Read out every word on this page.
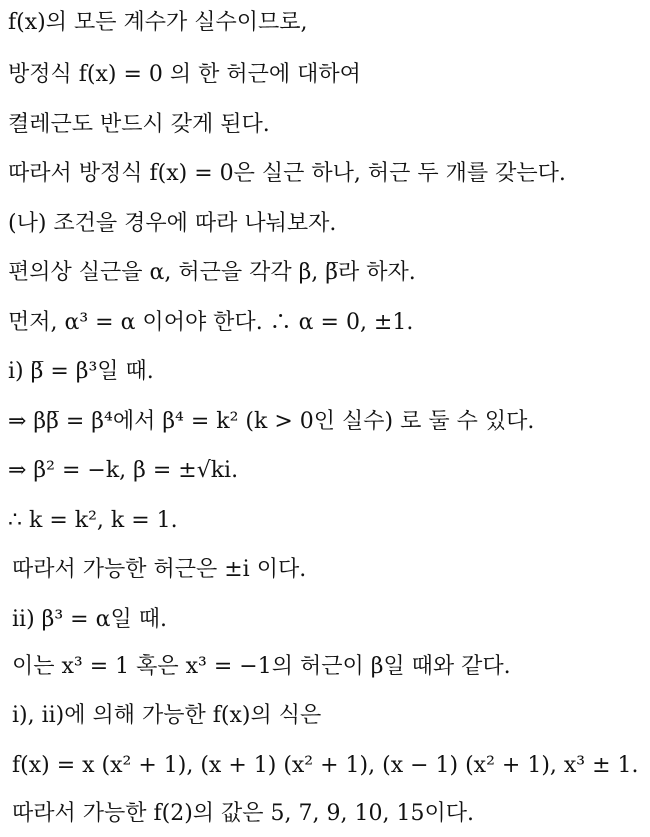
f(x)의 모든 계수가 실수이므로,
방정식 f(x) = 0 의 한 허근에 대하여
켤레근도 반드시 갖게 된다.
따라서 방정식 f(x) = 0은 실근 하나, 허근 두 개를 갖는다.
(나) 조건을 경우에 따라 나눠보자.
편의상 실근을 α, 허근을 각각 β, β̅라 하자.
먼저, α³ = α 이어야 한다. ∴ α = 0, ±1.
i) β̅ = β³일 때.
⇒ ββ̅ = β⁴에서 β⁴ = k² (k > 0인 실수) 로 둘 수 있다.
⇒ β² = −k, β = ±√ki.
∴ k = k², k = 1.
따라서 가능한 허근은 ±i 이다.
ii) β³ = α일 때.
이는 x³ = 1 혹은 x³ = −1의 허근이 β일 때와 같다.
i), ii)에 의해 가능한 f(x)의 식은
f(x) = x (x² + 1), (x + 1) (x² + 1), (x − 1) (x² + 1), x³ ± 1.
따라서 가능한 f(2)의 값은 5, 7, 9, 10, 15이다.
